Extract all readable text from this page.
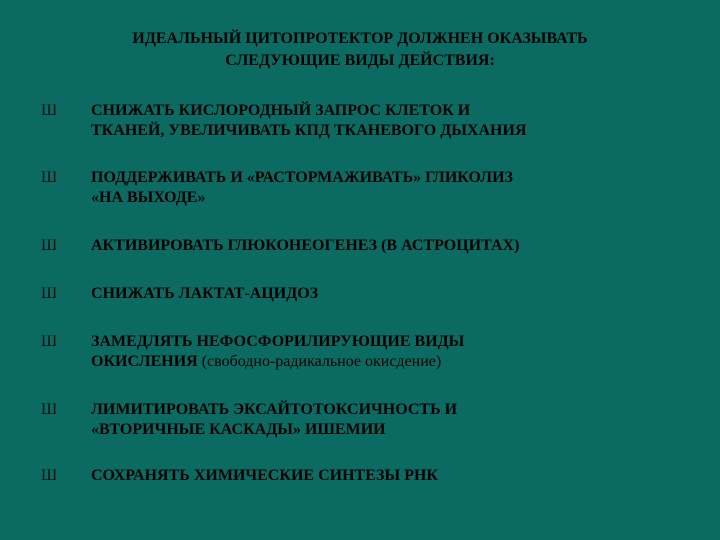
ИДЕАЛЬНЫЙ ЦИТОПРОТЕКТОР ДОЛЖНЕН ОКАЗЫВАТЬ
СЛЕДУЮЩИЕ ВИДЫ ДЕЙСТВИЯ:
Ш СНИЖАТЬ КИСЛОРОДНЫЙ ЗАПРОС КЛЕТОК И
ТКАНЕЙ, УВЕЛИЧИВАТЬ КПД ТКАНЕВОГО ДЫХАНИЯ
Ш ПОДДЕРЖИВАТЬ И «РАСТОРМАЖИВАТЬ» ГЛИКОЛИЗ
«НА ВЫХОДЕ»
Ш АКТИВИРОВАТЬ ГЛЮКОНЕОГЕНЕЗ (В АСТРОЦИТАХ)
Ш СНИЖАТЬ ЛАКТАТ-АЦИДОЗ
Ш ЗАМЕДЛЯТЬ НЕФОСФОРИЛИРУЮЩИЕ ВИДЫ
ОКИСЛЕНИЯ (свободно-радикальное окисдение)
Ш ЛИМИТИРОВАТЬ ЭКСАЙТОТОКСИЧНОСТЬ И
«ВТОРИЧНЫЕ КАСКАДЫ» ИШЕМИИ
Ш СОХРАНЯТЬ ХИМИЧЕСКИЕ СИНТЕЗЫ РНК
